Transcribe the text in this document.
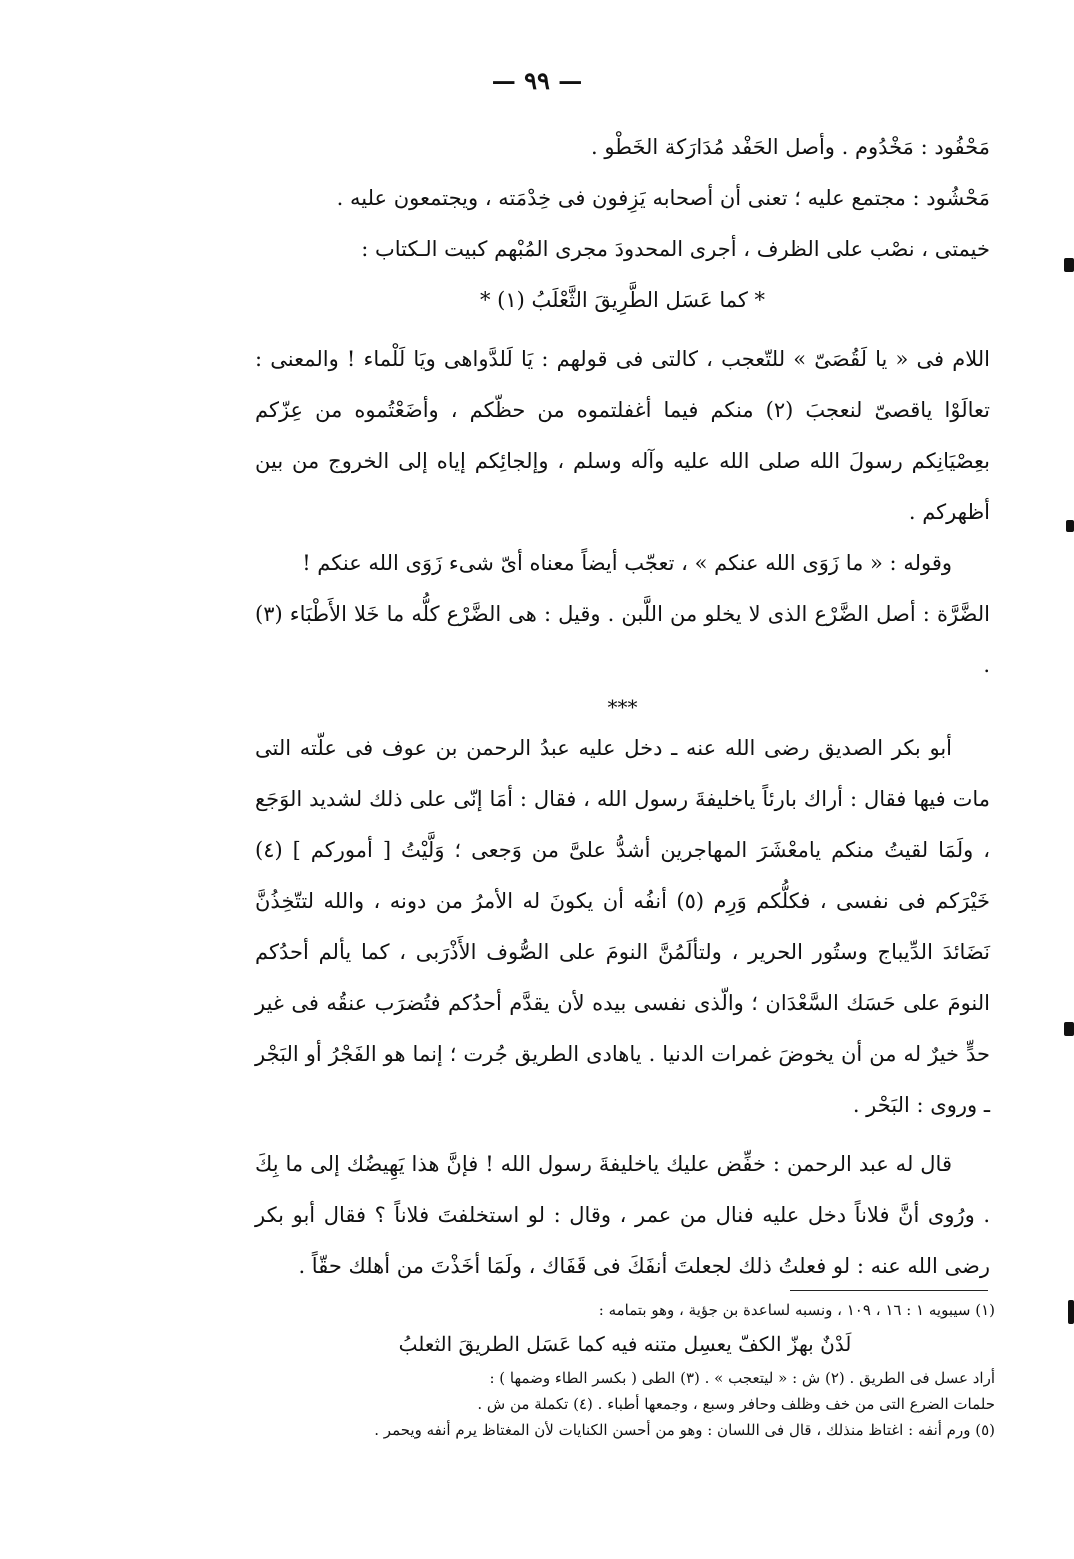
— ٩٩ —

مَحْفُود : مَخْدُوم . وأصل الحَفْد مُدَارَكة الخَطْو .

مَحْشُود : مجتمع عليه ؛ تعنى أن أصحابه يَزِفون فى خِدْمَته ، ويجتمعون عليه .

خيمتى ، نصْب على الظرف ، أجرى المحدودَ مجرى المُبْهم كبيت الـكتاب :

* كما عَسَل الطَّرِيقَ الثَّعْلَبُ (١) *

اللام فى « يا لَقُصَىّ » للتّعجب ، كالتى فى قولهم : يَا لَلدَّواهى ويَا لَلْماء ! والمعنى : تعالَوْا ياقصىّ لنعجبَ (٢) منكم فيما أغفلتموه من حظّكم ، وأضَعْتُموه من عِزّكم بعِصْيَانِكم رسولَ الله صلى الله عليه وآله وسلم ، وإلجائِكم إياه إلى الخروج من بين أظهركم .

وقوله : « ما زَوَى الله عنكم » ، تعجّب أيضاً معناه أىّ شىء زَوَى الله عنكم !

الضَّرَّة : أصل الضَّرْع الذى لا يخلو من اللَّبن . وقيل : هى الضَّرْع كلُّه ما خَلا الأَطْبَاء (٣) .

***

أبو بكر الصديق رضى الله عنه ـ دخل عليه عبدُ الرحمن بن عوف فى علّته التى مات فيها فقال : أراك بارئاً ياخليفةَ رسول الله ، فقال : أمَا إنّى على ذلك لشديد الوَجَع ، ولَمَا لقيتُ منكم يامعْشَرَ المهاجرين أشدُّ علىَّ من وَجعى ؛ وَلَّيْتُ [ أموركم ] (٤) خَيْرَكم فى نفسى ، فكلُّكم وَرِم (٥) أنفُه أن يكونَ له الأمرُ من دونه ، والله لتتّخِذُنَّ نَضَائدَ الدِّيباج وستُور الحرير ، ولتألَمُنَّ النومَ على الصُّوف الأَذْرَبى ، كما يألم أحدُكم النومَ على حَسَك السَّعْدَان ؛ والّذى نفسى بيده لأن يقدَّم أحدُكم فتُضرَب عنقُه فى غير حدٍّ خيرٌ له من أن يخوضَ غمرات الدنيا . ياهادى الطريق جُرت ؛ إنما هو الفَجْرُ أو البَجْر ـ وروى : البَحْر .

قال له عبد الرحمن : خفِّض عليك ياخليفةَ رسول الله ! فإنَّ هذا يَهِيضُك إلى ما بِكَ . ورُوى أنَّ فلاناً دخل عليه فنال من عمر ، وقال : لو استخلفتَ فلاناً ؟ فقال أبو بكر رضى الله عنه : لو فعلتُ ذلك لجعلتَ أنفَكَ فى قَفَاك ، ولَمَا أخَذْتَ من أهلك حقّاً .

(١) سيبويه ١ : ١٦ ، ١٠٩ ، ونسبه لساعدة بن جؤية ، وهو بتمامه :

لَدْنٌ بهزّ الكفّ يعسِل متنه فيه كما عَسَل الطريقَ الثعلبُ

أراد عسل فى الطريق . (٢) ش : « ليتعجب » . (٣) الطى ( بكسر الطاء وضمها ) :

حلمات الضرع التى من خف وظلف وحافر وسبع ، وجمعها أطباء . (٤) تكملة من ش .

(٥) ورم أنفه : اغتاظ منذلك ، قال فى اللسان : وهو من أحسن الكنايات لأن المغتاظ يرم أنفه ويحمر .
